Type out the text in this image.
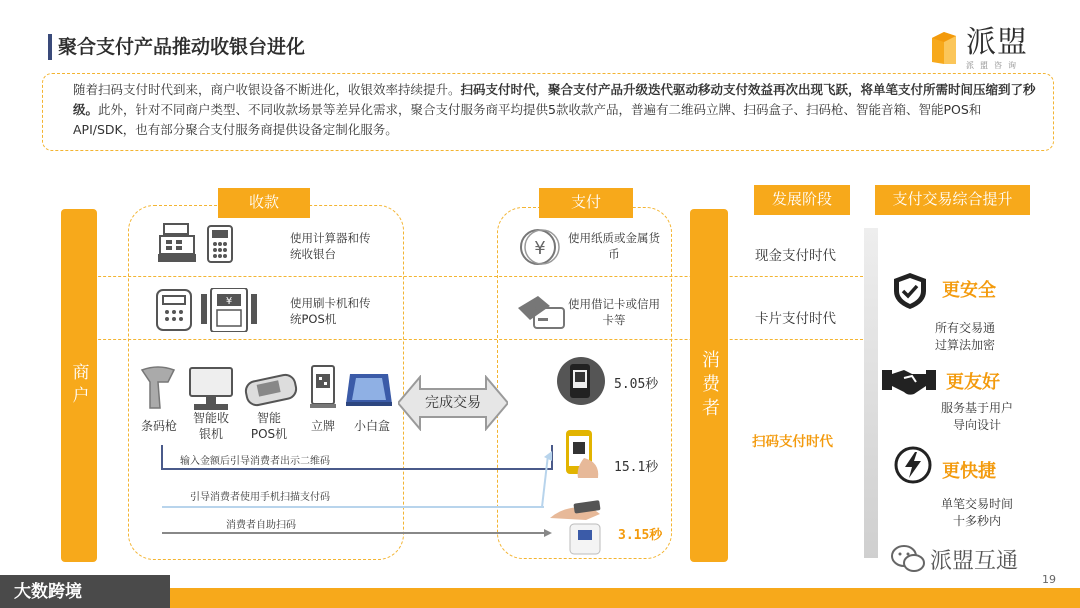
聚合支付产品推动收银台进化	派盟
派盟咨询
随着扫码支付时代到来，商户收银设备不断进化，收银效率持续提升。扫码支付时代，聚合支付产品升级迭代驱动移动支付效益再次出现飞跃，将单笔支付所需时间压缩到了秒级。此外，针对不同商户类型、不同收款场景等差异化需求，聚合支付服务商平均提供5款收款产品，普遍有二维码立牌、扫码盒子、扫码枪、智能音箱、智能POS和API/SDK，也有部分聚合支付服务商提供设备定制化服务。
商户	消费者
收款	支付	发展阶段	支付交易综合提升
使用计算器和传统收银台
¥	使用刷卡机和传统POS机
¥ 使用纸质或金属货币
使用借记卡或信用卡等
现金支付时代
卡片支付时代
扫码支付时代
条码枪
智能收银机
智能POS机
立牌	小白盒
完成交易
输入金额后引导消费者出示二维码
引导消费者使用手机扫描支付码
消费者自助扫码
5.05秒
15.1秒
3.15秒
更安全
所有交易通过算法加密
更友好
服务基于用户导向设计
更快捷
单笔交易时间十多秒内
大数跨境
派盟互通
19
